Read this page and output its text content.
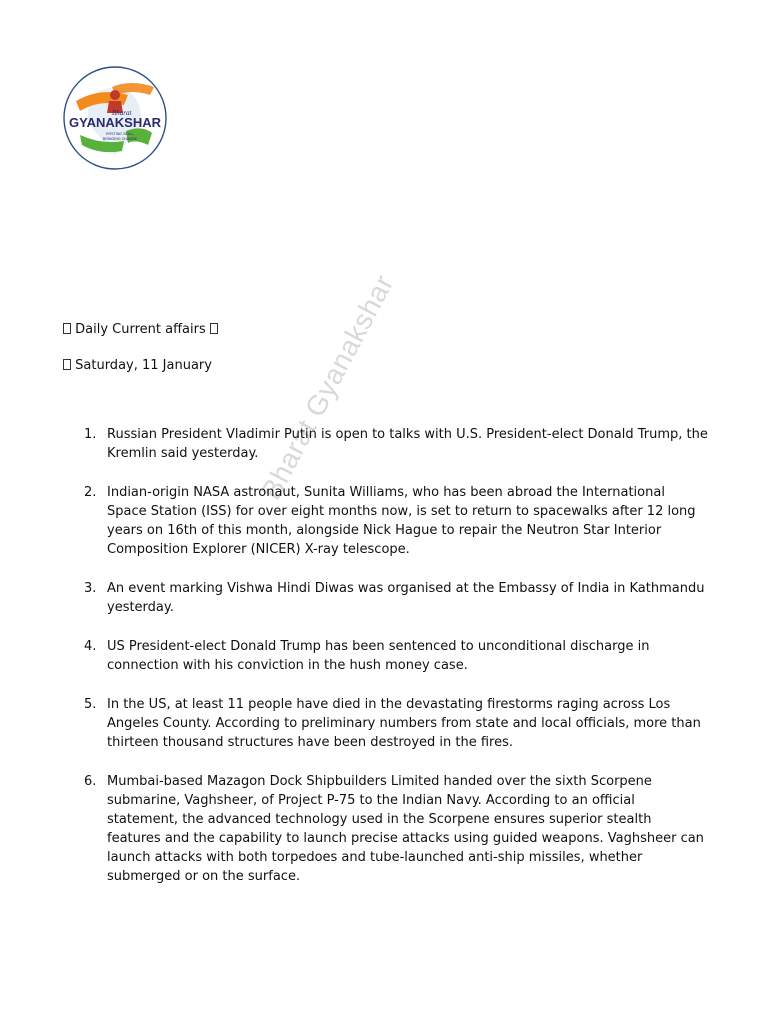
Bharat
GYANAKSHAR
ERSTING SKILL,
BRINGING CHANGE
Bharat Gyanakshar
Daily Current affairs
Saturday, 11 January
1. Russian President Vladimir Putin is open to talks with U.S. President-elect Donald Trump, the Kremlin said yesterday.
2. Indian-origin NASA astronaut, Sunita Williams, who has been abroad the International Space Station (ISS) for over eight months now, is set to return to spacewalks after 12 long years on 16th of this month, alongside Nick Hague to repair the Neutron Star Interior Composition Explorer (NICER) X-ray telescope.
3. An event marking Vishwa Hindi Diwas was organised at the Embassy of India in Kathmandu yesterday.
4. US President-elect Donald Trump has been sentenced to unconditional discharge in connection with his conviction in the hush money case.
5. In the US, at least 11 people have died in the devastating firestorms raging across Los Angeles County. According to preliminary numbers from state and local officials, more than thirteen thousand structures have been destroyed in the fires.
6. Mumbai-based Mazagon Dock Shipbuilders Limited handed over the sixth Scorpene submarine, Vaghsheer, of Project P-75 to the Indian Navy. According to an official statement, the advanced technology used in the Scorpene ensures superior stealth features and the capability to launch precise attacks using guided weapons. Vaghsheer can launch attacks with both torpedoes and tube-launched anti-ship missiles, whether submerged or on the surface.
